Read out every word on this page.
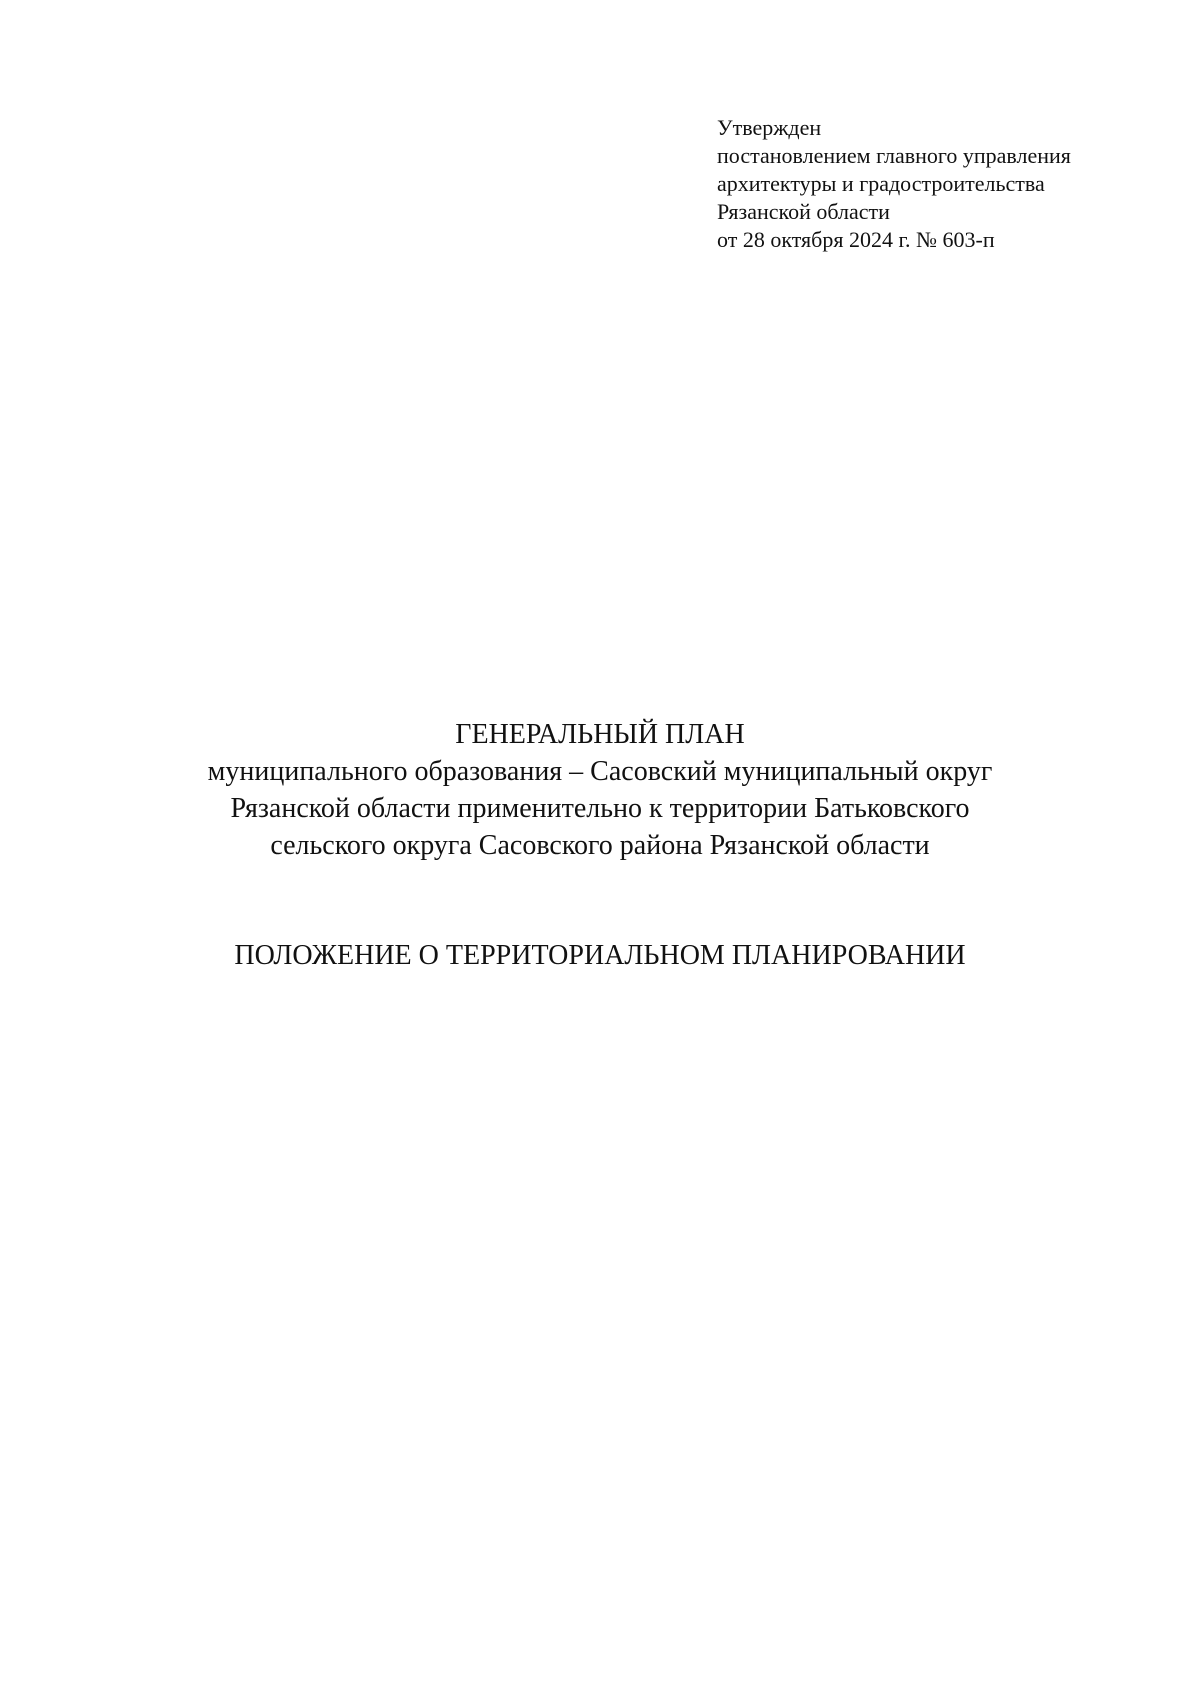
Утвержден
постановлением главного управления
архитектуры и градостроительства
Рязанской области
от 28 октября 2024 г. № 603-п
ГЕНЕРАЛЬНЫЙ ПЛАН
муниципального образования – Сасовский муниципальный округ
Рязанской области применительно к территории Батьковского
сельского округа Сасовского района Рязанской области
ПОЛОЖЕНИЕ О ТЕРРИТОРИАЛЬНОМ ПЛАНИРОВАНИИ
